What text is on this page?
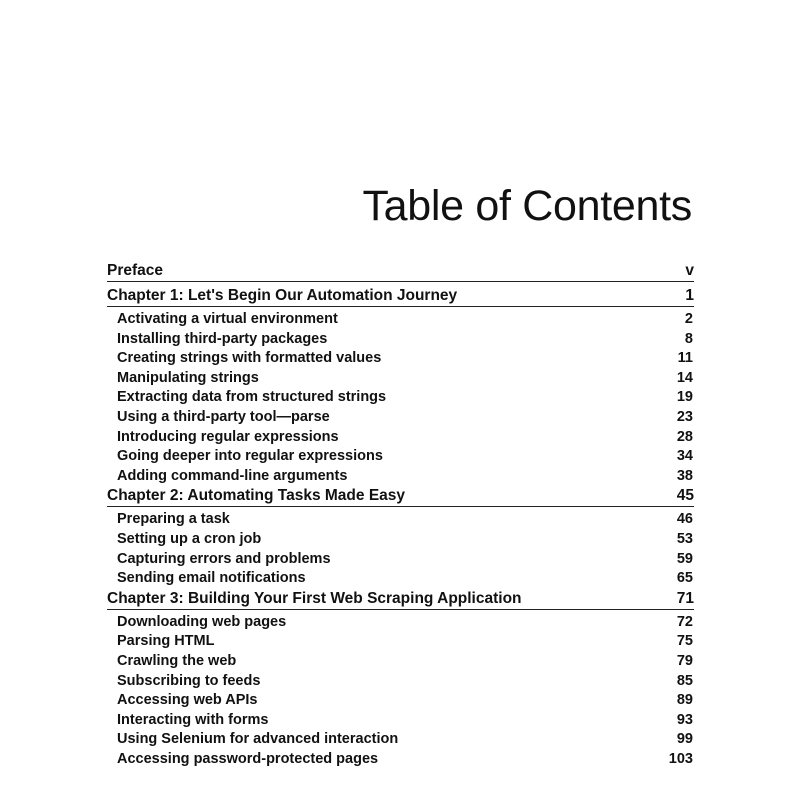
Table of Contents
Preface	v
Chapter 1: Let's Begin Our Automation Journey	1
Activating a virtual environment	2
Installing third-party packages	8
Creating strings with formatted values	11
Manipulating strings	14
Extracting data from structured strings	19
Using a third-party tool—parse	23
Introducing regular expressions	28
Going deeper into regular expressions	34
Adding command-line arguments	38
Chapter 2: Automating Tasks Made Easy	45
Preparing a task	46
Setting up a cron job	53
Capturing errors and problems	59
Sending email notifications	65
Chapter 3: Building Your First Web Scraping Application	71
Downloading web pages	72
Parsing HTML	75
Crawling the web	79
Subscribing to feeds	85
Accessing web APIs	89
Interacting with forms	93
Using Selenium for advanced interaction	99
Accessing password-protected pages	103
